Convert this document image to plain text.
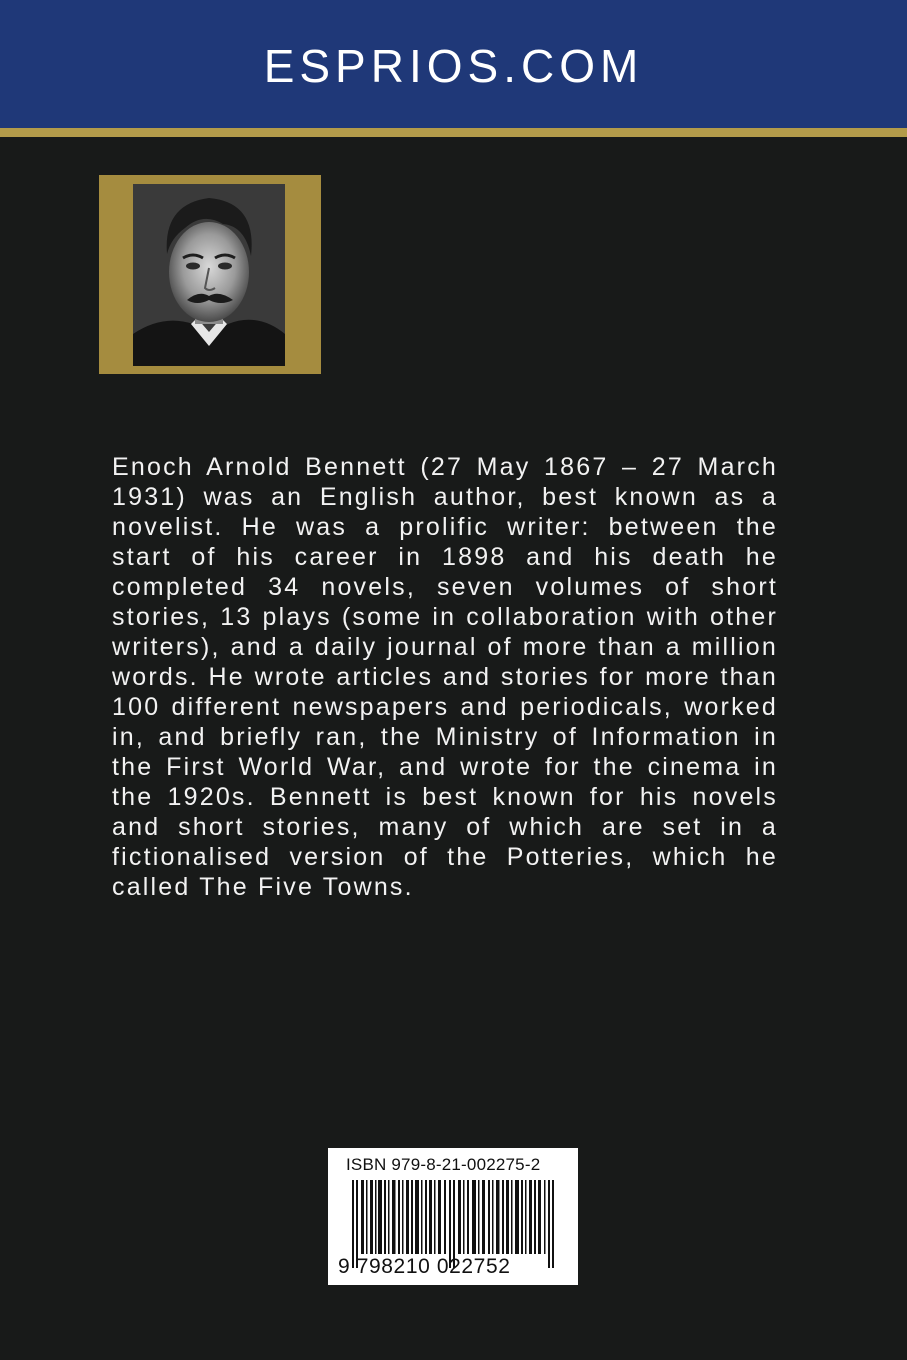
ESPRIOS.COM

Enoch Arnold Bennett (27 May 1867 – 27 March 1931) was an English author, best known as a novelist. He was a prolific writer: between the start of his career in 1898 and his death he completed 34 novels, seven volumes of short stories, 13 plays (some in collaboration with other writers), and a daily journal of more than a million words. He wrote articles and stories for more than 100 different newspapers and periodicals, worked in, and briefly ran, the Ministry of Information in the First World War, and wrote for the cinema in the 1920s. Bennett is best known for his novels and short stories, many of which are set in a fictionalised version of the Potteries, which he called The Five Towns.

ISBN 979-8-21-002275-2
9 798210 022752
